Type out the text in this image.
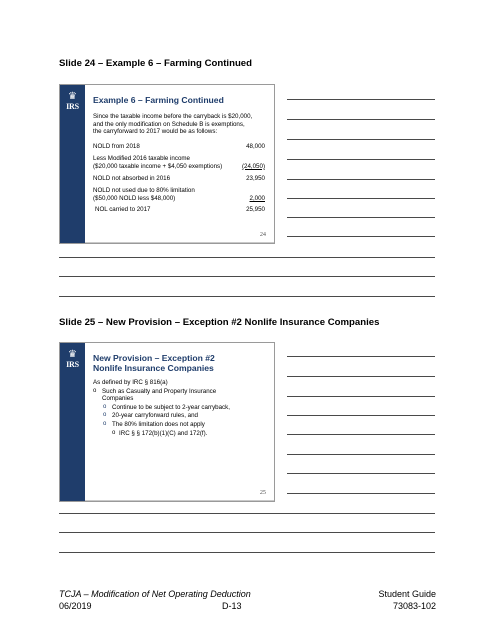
Slide 24 – Example 6 – Farming Continued
♛
IRS
Example 6 – Farming Continued
Since the taxable income before the carryback is $20,000,
and the only modification on Schedule B is exemptions,
the carryforward to 2017 would be as follows:
NOLD from 2018	48,000
Less Modified 2016 taxable income
($20,000 taxable income + $4,050 exemptions)	(24,050)
NOLD not absorbed in 2016	23,950
NOLD not used due to 80% limitation
($50,000 NOLD less $48,000)	2,000
NOL carried to 2017	25,950
24
Slide 25 – New Provision – Exception #2 Nonlife Insurance Companies
♛
IRS
New Provision – Exception #2
Nonlife Insurance Companies
As defined by IRC § 816(a)
o Such as Casualty and Property Insurance
Companies
o Continue to be subject to 2-year carryback,
o 20-year carryforward rules, and
o The 80% limitation does not apply
o IRC § § 172(b)(1)(C) and 172(f).
25
TCJA – Modification of Net Operating Deduction
06/2019	D-13
Student Guide
73083-102
